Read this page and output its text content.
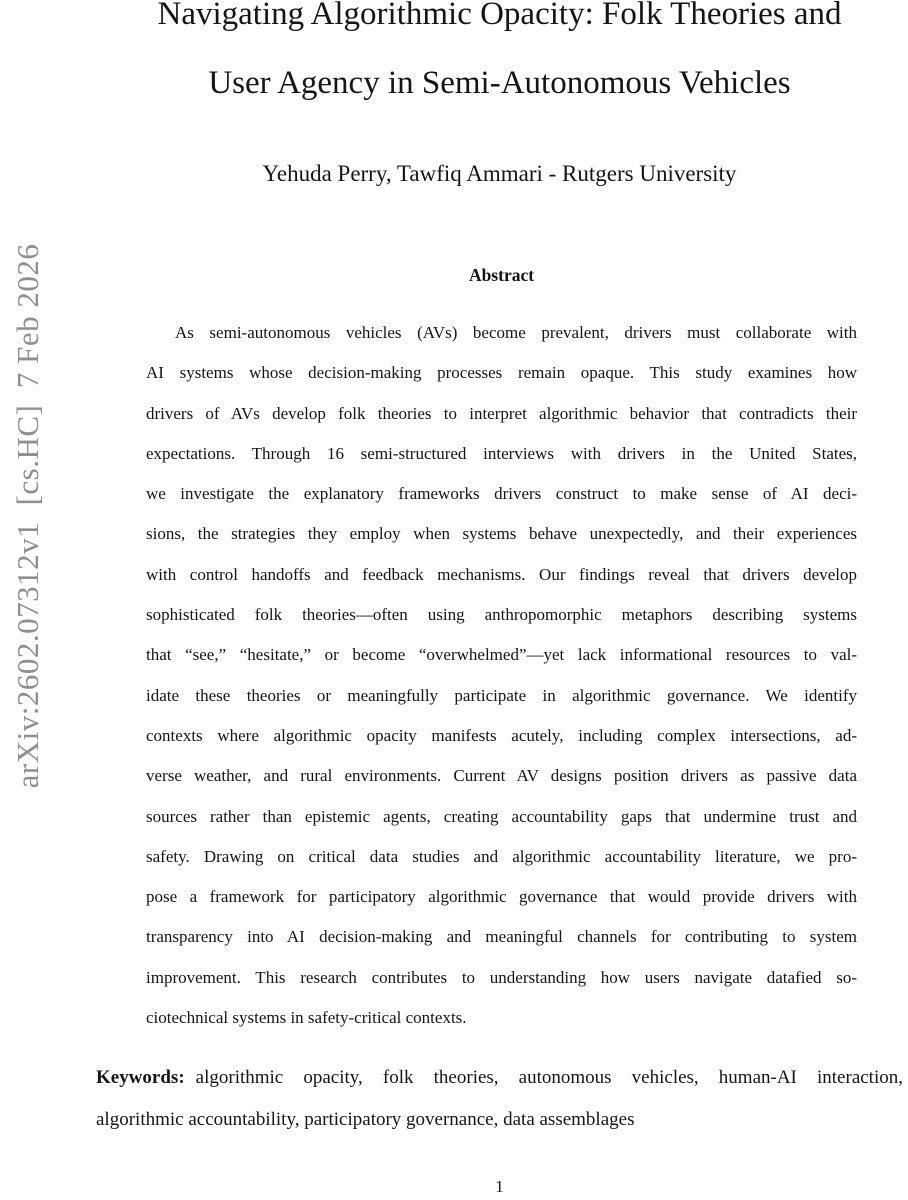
arXiv:2602.07312v1  [cs.HC]  7 Feb 2026
Navigating Algorithmic Opacity: Folk Theories and
User Agency in Semi-Autonomous Vehicles
Yehuda Perry, Tawfiq Ammari - Rutgers University
Abstract
As semi-autonomous vehicles (AVs) become prevalent, drivers must collaborate with
AI systems whose decision-making processes remain opaque. This study examines how
drivers of AVs develop folk theories to interpret algorithmic behavior that contradicts their
expectations. Through 16 semi-structured interviews with drivers in the United States,
we investigate the explanatory frameworks drivers construct to make sense of AI deci-
sions, the strategies they employ when systems behave unexpectedly, and their experiences
with control handoffs and feedback mechanisms. Our findings reveal that drivers develop
sophisticated folk theories—often using anthropomorphic metaphors describing systems
that “see,” “hesitate,” or become “overwhelmed”—yet lack informational resources to val-
idate these theories or meaningfully participate in algorithmic governance. We identify
contexts where algorithmic opacity manifests acutely, including complex intersections, ad-
verse weather, and rural environments. Current AV designs position drivers as passive data
sources rather than epistemic agents, creating accountability gaps that undermine trust and
safety. Drawing on critical data studies and algorithmic accountability literature, we pro-
pose a framework for participatory algorithmic governance that would provide drivers with
transparency into AI decision-making and meaningful channels for contributing to system
improvement. This research contributes to understanding how users navigate datafied so-
ciotechnical systems in safety-critical contexts.
Keywords: algorithmic opacity, folk theories, autonomous vehicles, human-AI interaction,
algorithmic accountability, participatory governance, data assemblages
1
